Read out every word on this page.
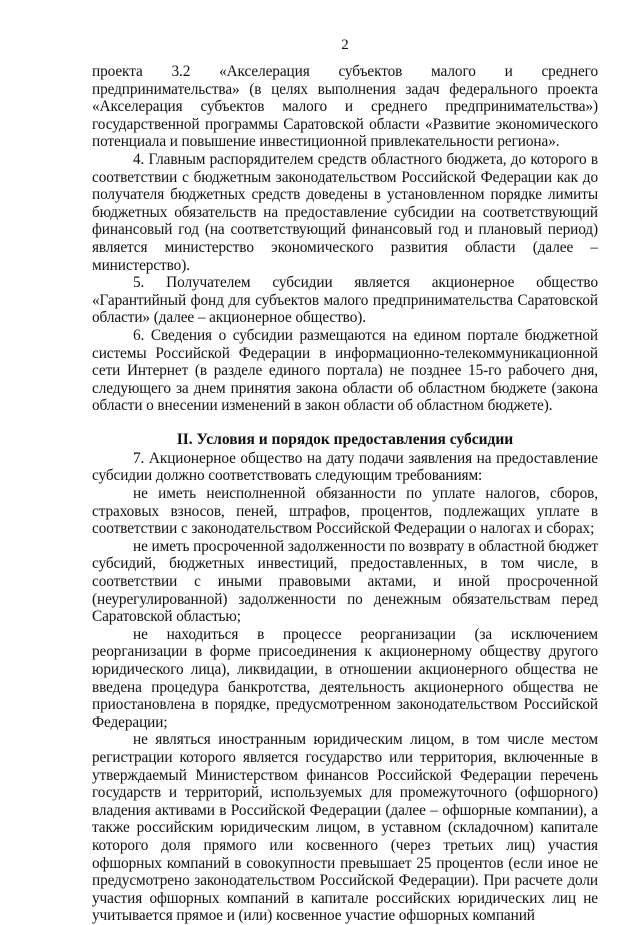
2

проекта 3.2 «Акселерация субъектов малого и среднего предпринимательства» (в целях выполнения задач федерального проекта «Акселерация субъектов малого и среднего предпринимательства») государственной программы Саратовской области «Развитие экономического потенциала и повышение инвестиционной привлекательности региона».

4. Главным распорядителем средств областного бюджета, до которого в соответствии с бюджетным законодательством Российской Федерации как до получателя бюджетных средств доведены в установленном порядке лимиты бюджетных обязательств на предоставление субсидии на соответствующий финансовый год (на соответствующий финансовый год и плановый период) является министерство экономического развития области (далее – министерство).

5. Получателем субсидии является акционерное общество «Гарантийный фонд для субъектов малого предпринимательства Саратовской области» (далее – акционерное общество).

6. Сведения о субсидии размещаются на едином портале бюджетной системы Российской Федерации в информационно-телекоммуникационной сети Интернет (в разделе единого портала) не позднее 15-го рабочего дня, следующего за днем принятия закона области об областном бюджете (закона области о внесении изменений в закон области об областном бюджете).

II. Условия и порядок предоставления субсидии

7. Акционерное общество на дату подачи заявления на предоставление субсидии должно соответствовать следующим требованиям:

не иметь неисполненной обязанности по уплате налогов, сборов, страховых взносов, пеней, штрафов, процентов, подлежащих уплате в соответствии с законодательством Российской Федерации о налогах и сборах;

не иметь просроченной задолженности по возврату в областной бюджет субсидий, бюджетных инвестиций, предоставленных, в том числе, в соответствии с иными правовыми актами, и иной просроченной (неурегулированной) задолженности по денежным обязательствам перед Саратовской областью;

не находиться в процессе реорганизации (за исключением реорганизации в форме присоединения к акционерному обществу другого юридического лица), ликвидации, в отношении акционерного общества не введена процедура банкротства, деятельность акционерного общества не приостановлена в порядке, предусмотренном законодательством Российской Федерации;

не являться иностранным юридическим лицом, в том числе местом регистрации которого является государство или территория, включенные в утверждаемый Министерством финансов Российской Федерации перечень государств и территорий, используемых для промежуточного (офшорного) владения активами в Российской Федерации (далее – офшорные компании), а также российским юридическим лицом, в уставном (складочном) капитале которого доля прямого или косвенного (через третьих лиц) участия офшорных компаний в совокупности превышает 25 процентов (если иное не предусмотрено законодательством Российской Федерации). При расчете доли участия офшорных компаний в капитале российских юридических лиц не учитывается прямое и (или) косвенное участие офшорных компаний
